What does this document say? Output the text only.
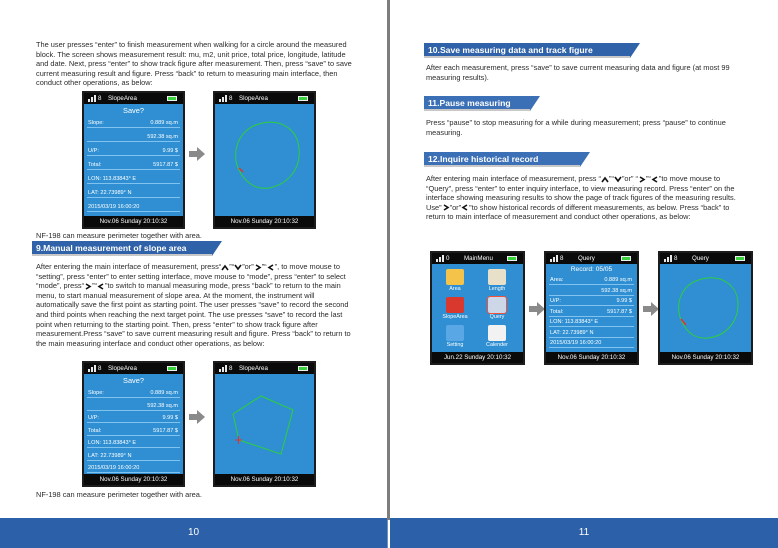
The user presses “enter” to finish measurement when walking for a circle around the measured block. The screen shows measurement result: mu, m2, unit price, total price, longitude, latitude and date. Next, press “enter” to show track figure after measurement. Then, press “save” to save current measuring result and figure. Press “back” to return to measuring main interface, then conduct other operations, as below:
8 SlopeArea
Save?
Nov.06 Sunday 20:10:32
Slope:	0.889 sq.m
592.38 sq.m
U/P:	9.99 $
Total:	5917.87 $
LON: 113.83843° E
LAT: 22.73989° N
2015/03/19 16:00:20
8 SlopeArea
Nov.06 Sunday 20:10:32
NF-198 can measure perimeter together with area.
9.Manual measurement of slope area
After entering the main interface of measurement, press“ ”“ ”or” ”“ ”, to move mouse to “setting”, press “enter” to enter setting interface, move mouse to “mode”, press “enter” to select “mode”, press“ ”“ ”to switch to manual measuring mode, press “back” to return to the main menu, to start manual measurement of slope area. At the moment, the instrument will automatically save the first point as starting point. The user presses “save” to record the second and third points when reaching the next target point. The use presses “save” to record the last point when returning to the starting point. Then, press “enter” to show track figure after measurement.Press “save” to save current measuring result and figure. Press “back” to return to the main measuring interface and conduct other operations, as below:
8 SlopeArea
Save?
Nov.06 Sunday 20:10:32
Slope:	0.889 sq.m
592.38 sq.m
U/P:	9.99 $
Total:	5917.87 $
LON: 113.83843° E
LAT: 22.73989° N
2015/03/19 16:00:20
8 SlopeArea
Nov.06 Sunday 20:10:32
NF-198 can measure perimeter together with area.
10
10.Save measuring data and track figure
After each measurement, press “save” to save current measuring data and figure (at most 99 measuring results).
11.Pause measuring
Press “pause” to stop measuring for a while during measurement; press “pause” to continue measuring.
12.Inquire historical record
After entering main interface of measurement, press “ ”“ ”or” “ ”“ ”to move mouse to “Query”, press “enter” to enter inquiry interface, to view measuring record. Press “enter” on the interface showing measuring results to show the page of track figures of the measuring results. Use” ”or” ”to show historical records of different measurements, as below. Press “back” to return to main interface of measurement and conduct other operations, as below:
0 MainMenu
Area	Length
SlopeArea	Query
Setting	Calender
Jun.22 Sunday 20:10:32
8 Query
Record: 05/05
Nov.06 Sunday 20:10:32
Area:	0.889 sq.m
592.38 sq.m
U/P:	9.99 $
Total:	5917.87 $
LON: 113.83843° E
LAT: 22.73989° N
2015/03/19 16:00:20
8 Query
Nov.06 Sunday 20:10:32
11
